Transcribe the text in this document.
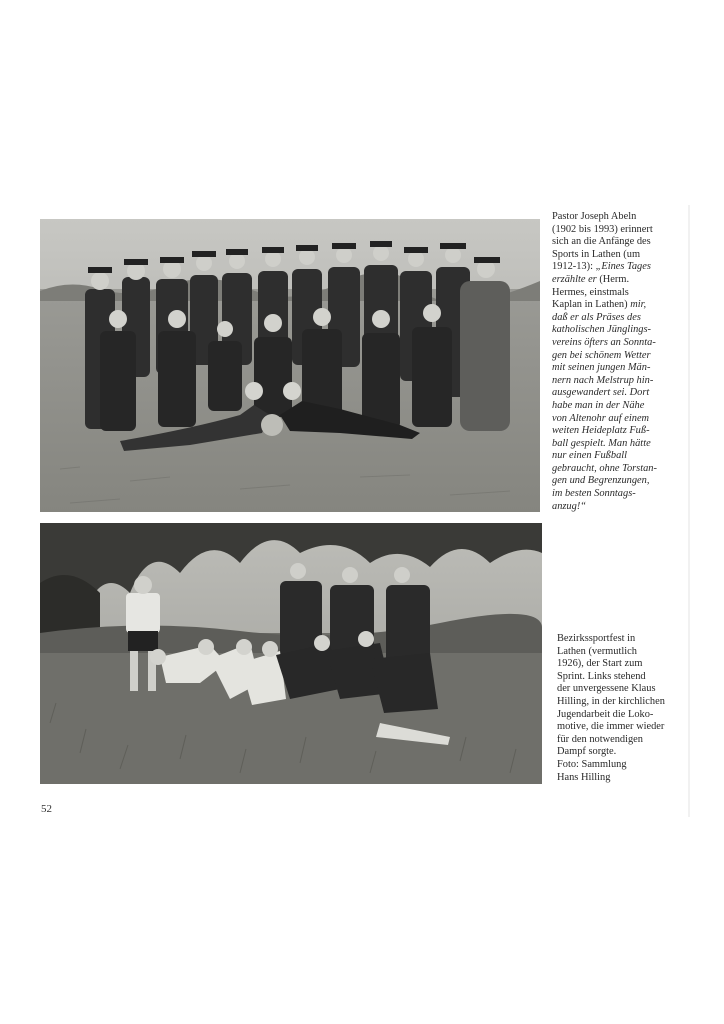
Pastor Joseph Abeln
(1902 bis 1993) erinnert
sich an die Anfänge des
Sports in Lathen (um
1912-13): „Eines Tages
erzählte er (Herm.
Hermes, einstmals
Kaplan in Lathen) mir,
daß er als Präses des
katholischen Jünglings-
vereins öfters an Sonnta-
gen bei schönem Wetter
mit seinen jungen Män-
nern nach Melstrup hin-
ausgewandert sei. Dort
habe man in der Nähe
von Altenohr auf einem
weiten Heideplatz Fuß-
ball gespielt. Man hätte
nur einen Fußball
gebraucht, ohne Torstan-
gen und Begrenzungen,
im besten Sonntags-
anzug!“
Bezirkssportfest in
Lathen (vermutlich
1926), der Start zum
Sprint. Links stehend
der unvergessene Klaus
Hilling, in der kirchlichen
Jugendarbeit die Loko-
motive, die immer wieder
für den notwendigen
Dampf sorgte.
Foto: Sammlung
Hans Hilling
52
